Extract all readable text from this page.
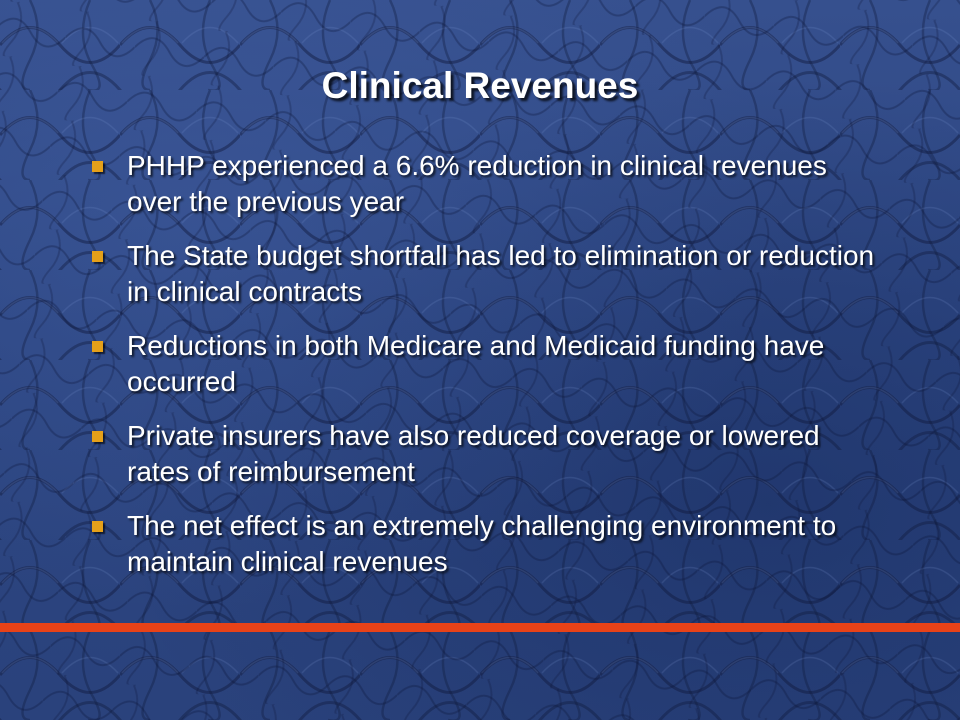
Clinical Revenues
PHHP experienced a 6.6% reduction in clinical revenues over the previous year
The State budget shortfall has led to elimination or reduction in clinical contracts
Reductions in both Medicare and Medicaid funding have occurred
Private insurers have also reduced coverage or lowered rates of reimbursement
The net effect is an extremely challenging environment to maintain clinical revenues
